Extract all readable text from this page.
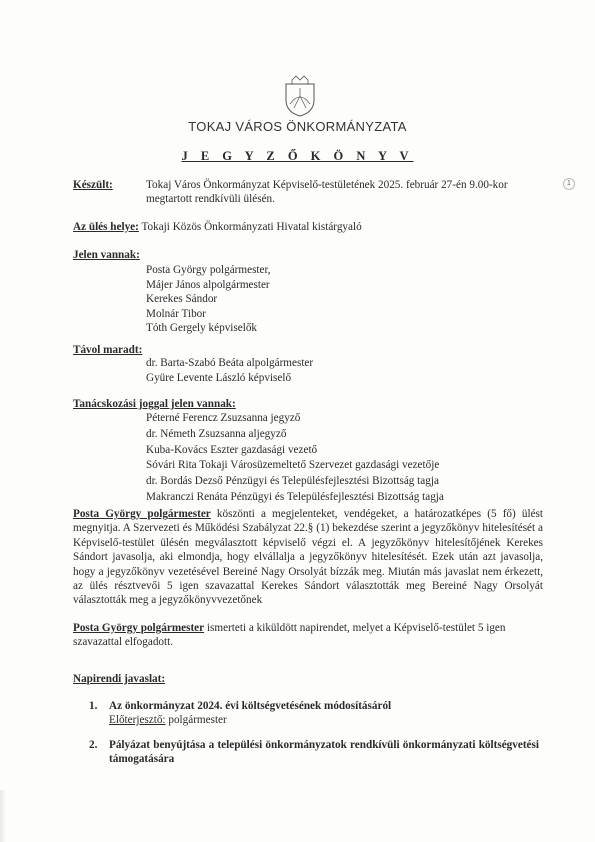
TOKAJ VÁROS ÖNKORMÁNYZATA
J E G Y Z Ő K Ö N Y V
1
Készült:	Tokaj Város Önkormányzat Képviselő-testületének 2025. február 27-én 9.00-kor
megtartott rendkívüli ülésén.
Az ülés helye: Tokaji Közös Önkormányzati Hivatal kistárgyaló
Jelen vannak:
Posta György polgármester,
Májer János alpolgármester
Kerekes Sándor
Molnár Tibor
Tóth Gergely képviselők
Távol maradt:
dr. Barta-Szabó Beáta alpolgármester
Gyüre Levente László képviselő
Tanácskozási joggal jelen vannak:
Péterné Ferencz Zsuzsanna jegyző
dr. Németh Zsuzsanna aljegyző
Kuba-Kovács Eszter gazdasági vezető
Sóvári Rita Tokaji Városüzemeltető Szervezet gazdasági vezetője
dr. Bordás Dezső Pénzügyi és Településfejlesztési Bizottság tagja
Makranczi Renáta Pénzügyi és Településfejlesztési Bizottság tagja
Posta György polgármester köszönti a megjelenteket, vendégeket, a határozatképes (5 fő) ülést megnyitja. A Szervezeti és Működési Szabályzat 22.§ (1) bekezdése szerint a jegyzőkönyv hitelesítését a Képviselő-testület ülésén megválasztott képviselő végzi el. A jegyzőkönyv hitelesítőjének Kerekes Sándort javasolja, aki elmondja, hogy elvállalja a jegyzőkönyv hitelesítését. Ezek után azt javasolja, hogy a jegyzőkönyv vezetésével Bereiné Nagy Orsolyát bízzák meg. Miután más javaslat nem érkezett, az ülés résztvevői 5 igen szavazattal Kerekes Sándort választották meg Bereiné Nagy Orsolyát választották meg a jegyzőkönyvvezetőnek
Posta György polgármester ismerteti a kiküldött napirendet, melyet a Képviselő-testület 5 igen szavazattal elfogadott.
Napirendi javaslat:
1. Az önkormányzat 2024. évi költségvetésének módosításáról
Előterjesztő: polgármester
2.	Pályázat benyújtása a települési önkormányzatok rendkívüli önkormányzati költségvetési támogatására
